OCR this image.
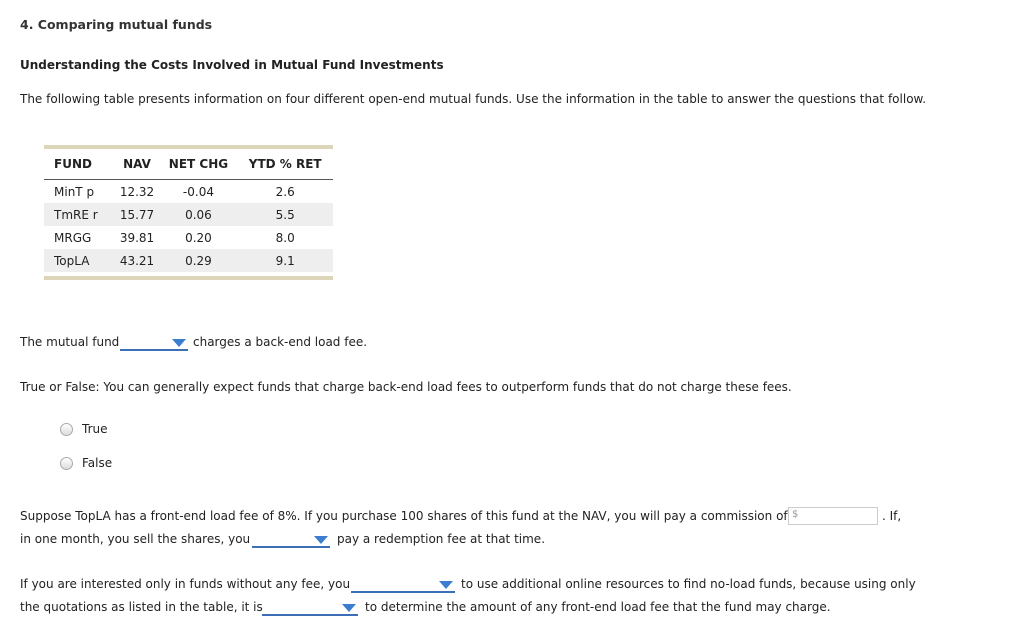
4. Comparing mutual funds
Understanding the Costs Involved in Mutual Fund Investments
The following table presents information on four different open-end mutual funds. Use the information in the table to answer the questions that follow.
FUND	NAV	NET CHG	YTD % RET
MinT p	12.32	-0.04	2.6
TmRE r	15.77	0.06	5.5
MRGG	39.81	0.20	8.0
TopLA	43.21	0.29	9.1
The mutual fund	charges a back-end load fee.
True or False: You can generally expect funds that charge back-end load fees to outperform funds that do not charge these fees.
True
False
Suppose TopLA has a front-end load fee of 8%. If you purchase 100 shares of this fund at the NAV, you will pay a commission of $	. If,
in one month, you sell the shares, you	pay a redemption fee at that time.
If you are interested only in funds without any fee, you	to use additional online resources to find no-load funds, because using only
the quotations as listed in the table, it is	to determine the amount of any front-end load fee that the fund may charge.
